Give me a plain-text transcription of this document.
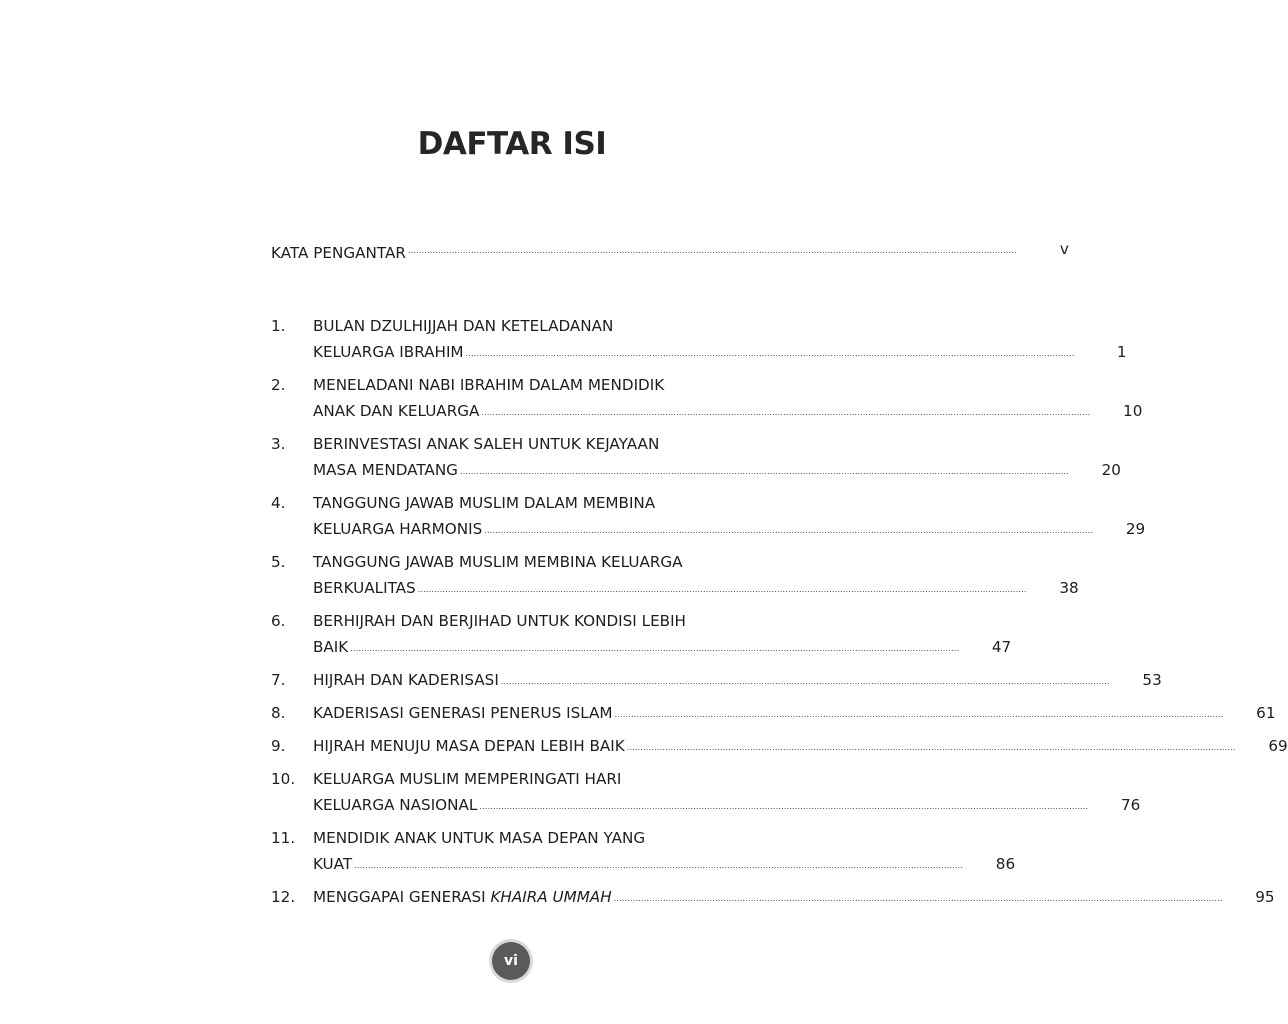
DAFTAR ISI
KATA PENGANTAR .....	v
1.	BULAN DZULHIJJAH DAN KETELADANAN
KELUARGA IBRAHIM .....	1
2.	MENELADANI NABI IBRAHIM DALAM MENDIDIK
ANAK DAN KELUARGA .....	10
3.	BERINVESTASI ANAK SALEH UNTUK KEJAYAAN
MASA MENDATANG .....	20
4.	TANGGUNG JAWAB MUSLIM DALAM MEMBINA
KELUARGA HARMONIS .....	29
5.	TANGGUNG JAWAB MUSLIM MEMBINA KELUARGA
BERKUALITAS .....	38
6.	BERHIJRAH DAN BERJIHAD UNTUK KONDISI LEBIH
BAIK .....	47
7.	HIJRAH DAN KADERISASI .....	53
8.	KADERISASI GENERASI PENERUS ISLAM .....	61
9.	HIJRAH MENUJU MASA DEPAN LEBIH BAIK .....	69
10.	KELUARGA MUSLIM MEMPERINGATI HARI
KELUARGA NASIONAL .....	76
11.	MENDIDIK ANAK UNTUK MASA DEPAN YANG
KUAT .....	86
12.	MENGGAPAI GENERASI KHAIRA UMMAH .....	95
vi
